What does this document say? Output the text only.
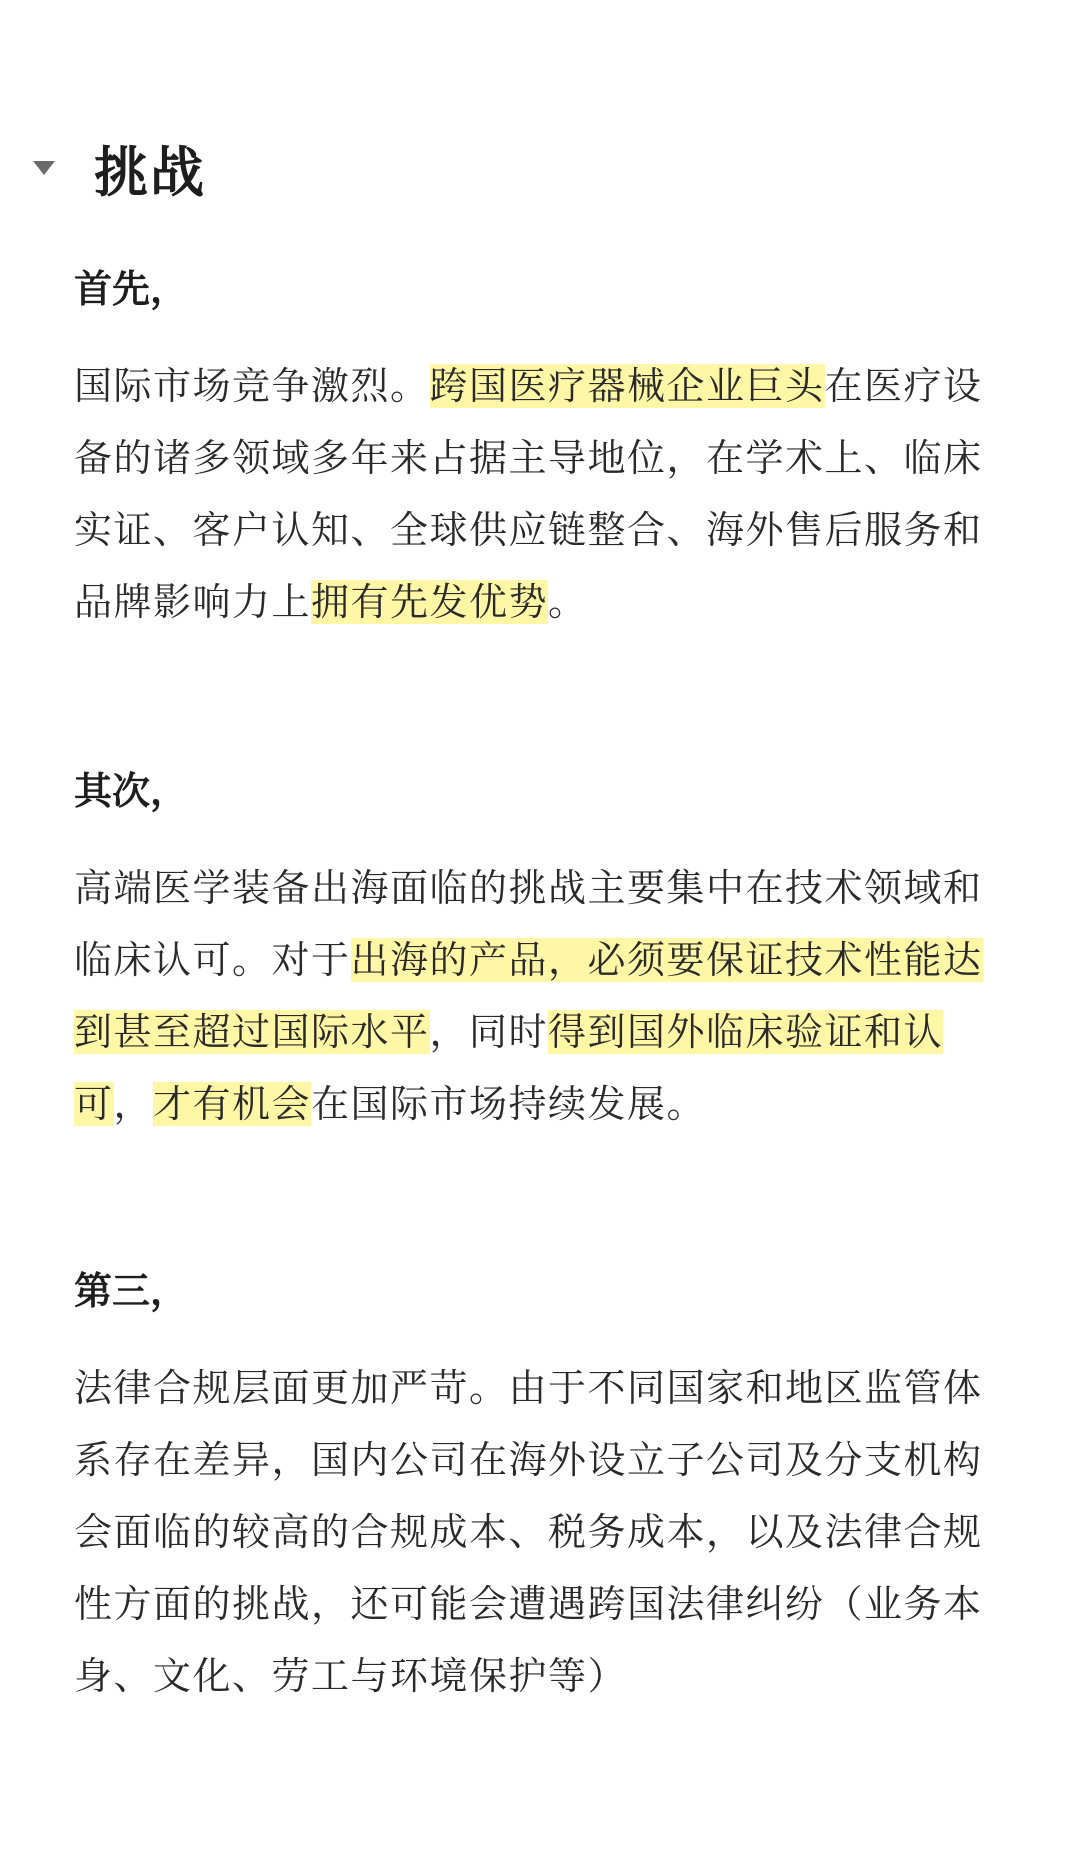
挑战

首先，

国际市场竞争激烈。跨国医疗器械企业巨头在医疗设备的诸多领域多年来占据主导地位，在学术上、临床实证、客户认知、全球供应链整合、海外售后服务和品牌影响力上拥有先发优势。

其次，

高端医学装备出海面临的挑战主要集中在技术领域和临床认可。对于出海的产品，必须要保证技术性能达到甚至超过国际水平，同时得到国外临床验证和认可，才有机会在国际市场持续发展。

第三，

法律合规层面更加严苛。由于不同国家和地区监管体系存在差异，国内公司在海外设立子公司及分支机构会面临的较高的合规成本、税务成本，以及法律合规性方面的挑战，还可能会遭遇跨国法律纠纷（业务本身、文化、劳工与环境保护等）
